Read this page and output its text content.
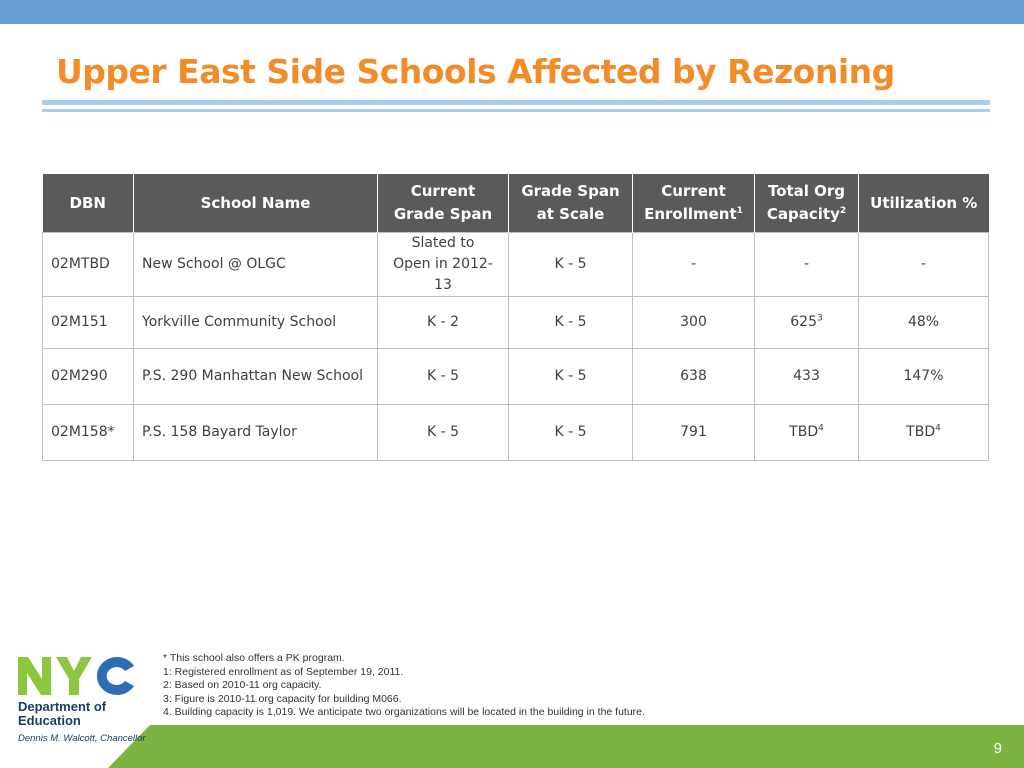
Upper East Side Schools Affected by Rezoning
DBN	School Name	Current Grade Span	Grade Span at Scale	Current Enrollment$^1$	Total Org Capacity$^2$	Utilization %
02MTBD	New School @ OLGC	Slated to Open in 2012-13	K - 5	-	-	-
02M151	Yorkville Community School	K - 2	K - 5	300	$625^3$	48%
02M290	P.S. 290 Manhattan New School	K - 5	K - 5	638	433	147%
02M158*	P.S. 158 Bayard Taylor	K - 5	K - 5	791	TBD$^4$	TBD$^4$
9
* This school also offers a PK program.
1: Registered enrollment as of September 19, 2011.
2: Based on 2010-11 org capacity.
3: Figure is 2010-11 org capacity for building M066.
4. Building capacity is 1,019. We anticipate two organizations will be located in the building in the future.
NYC
Department of
Education
Dennis M. Walcott, Chancellor
